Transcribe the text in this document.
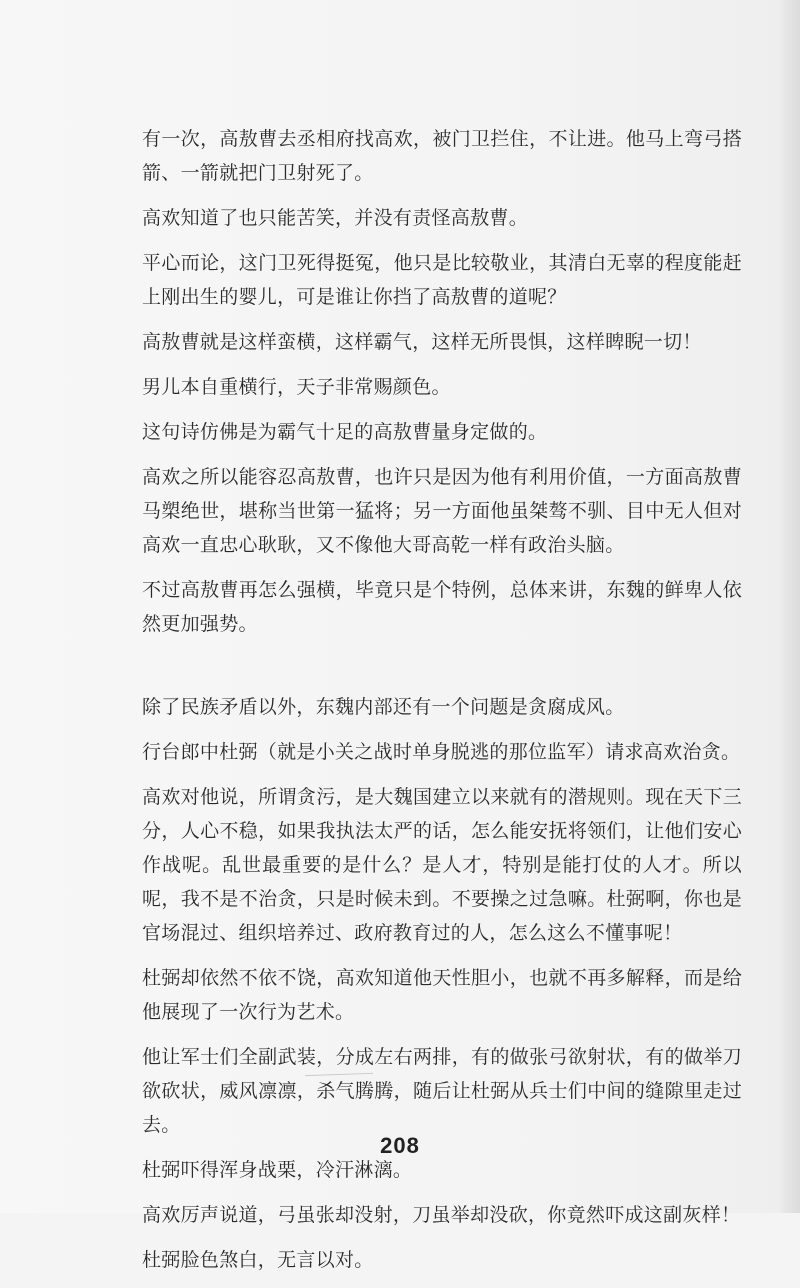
有一次，高敖曹去丞相府找高欢，被门卫拦住，不让进。他马上弯弓搭箭、一箭就把门卫射死了。

高欢知道了也只能苦笑，并没有责怪高敖曹。

平心而论，这门卫死得挺冤，他只是比较敬业，其清白无辜的程度能赶上刚出生的婴儿，可是谁让你挡了高敖曹的道呢？

高敖曹就是这样蛮横，这样霸气，这样无所畏惧，这样睥睨一切！

男儿本自重横行，天子非常赐颜色。

这句诗仿佛是为霸气十足的高敖曹量身定做的。

高欢之所以能容忍高敖曹，也许只是因为他有利用价值，一方面高敖曹马槊绝世，堪称当世第一猛将；另一方面他虽桀骜不驯、目中无人但对高欢一直忠心耿耿，又不像他大哥高乾一样有政治头脑。

不过高敖曹再怎么强横，毕竟只是个特例，总体来讲，东魏的鲜卑人依然更加强势。

除了民族矛盾以外，东魏内部还有一个问题是贪腐成风。

行台郎中杜弼（就是小关之战时单身脱逃的那位监军）请求高欢治贪。

高欢对他说，所谓贪污，是大魏国建立以来就有的潜规则。现在天下三分，人心不稳，如果我执法太严的话，怎么能安抚将领们，让他们安心作战呢。乱世最重要的是什么？是人才，特别是能打仗的人才。所以呢，我不是不治贪，只是时候未到。不要操之过急嘛。杜弼啊，你也是官场混过、组织培养过、政府教育过的人，怎么这么不懂事呢！

杜弼却依然不依不饶，高欢知道他天性胆小，也就不再多解释，而是给他展现了一次行为艺术。

他让军士们全副武装，分成左右两排，有的做张弓欲射状，有的做举刀欲砍状，威风凛凛，杀气腾腾，随后让杜弼从兵士们中间的缝隙里走过去。

杜弼吓得浑身战栗，冷汗淋漓。

高欢厉声说道，弓虽张却没射，刀虽举却没砍，你竟然吓成这副灰样！

杜弼脸色煞白，无言以对。

208
